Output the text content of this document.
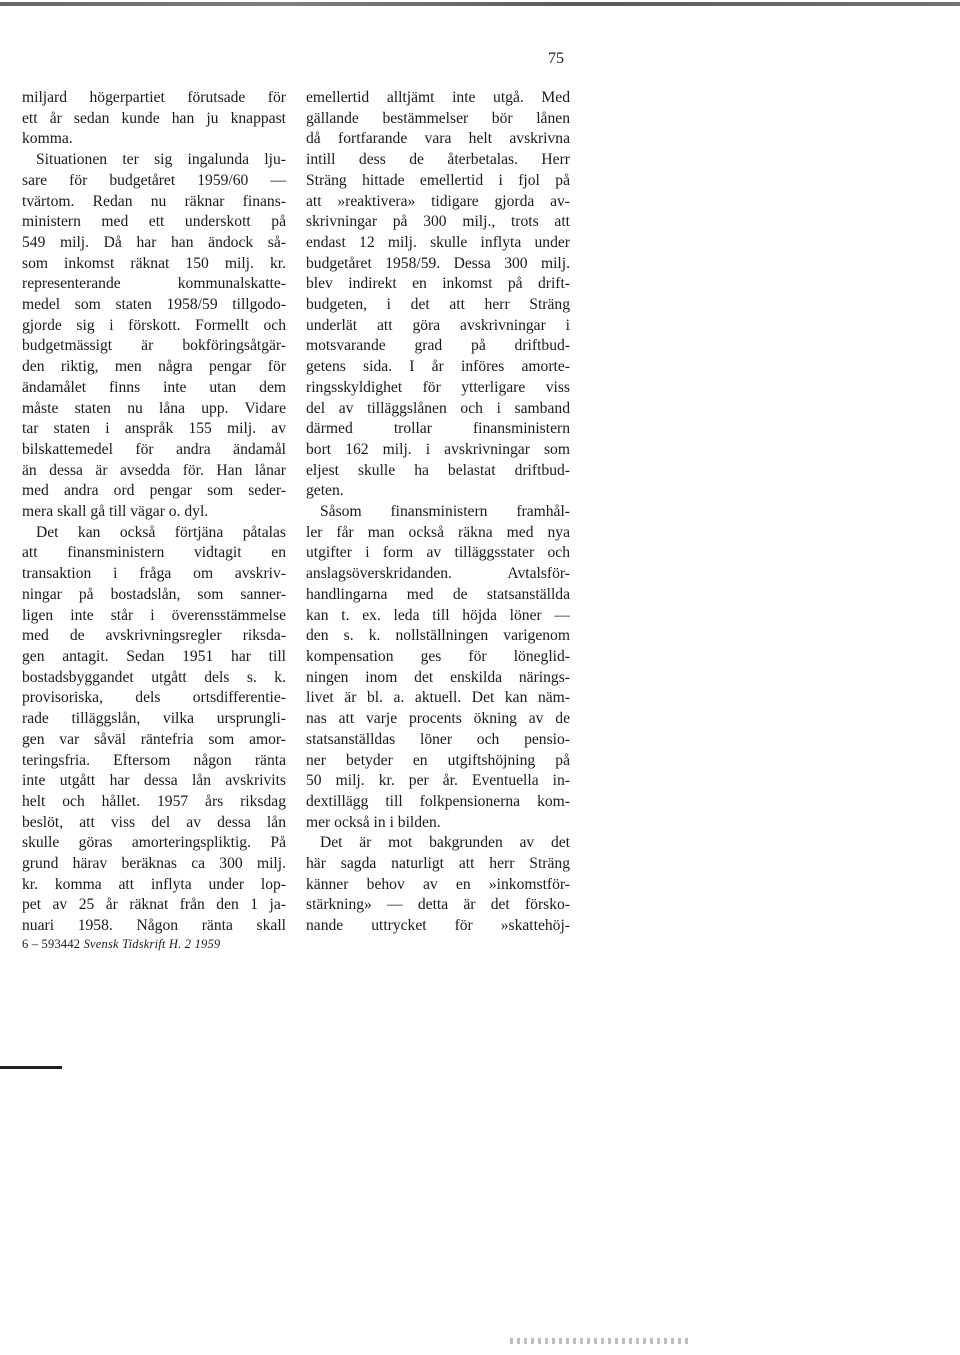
75
miljard högerpartiet förutsade för
ett år sedan kunde han ju knappast
komma.
Situationen ter sig ingalunda lju-
sare för budgetåret 1959/60 —
tvärtom. Redan nu räknar finans-
ministern med ett underskott på
549 milj. Då har han ändock så-
som inkomst räknat 150 milj. kr.
representerande kommunalskatte-
medel som staten 1958/59 tillgodo-
gjorde sig i förskott. Formellt och
budgetmässigt är bokföringsåtgär-
den riktig, men några pengar för
ändamålet finns inte utan dem
måste staten nu låna upp. Vidare
tar staten i anspråk 155 milj. av
bilskattemedel för andra ändamål
än dessa är avsedda för. Han lånar
med andra ord pengar som seder-
mera skall gå till vägar o. dyl.
Det kan också förtjäna påtalas
att finansministern vidtagit en
transaktion i fråga om avskriv-
ningar på bostadslån, som sanner-
ligen inte står i överensstämmelse
med de avskrivningsregler riksda-
gen antagit. Sedan 1951 har till
bostadsbyggandet utgått dels s. k.
provisoriska, dels ortsdifferentie-
rade tilläggslån, vilka ursprungli-
gen var såväl räntefria som amor-
teringsfria. Eftersom någon ränta
inte utgått har dessa lån avskrivits
helt och hållet. 1957 års riksdag
beslöt, att viss del av dessa lån
skulle göras amorteringspliktig. På
grund härav beräknas ca 300 milj.
kr. komma att inflyta under lop-
pet av 25 år räknat från den 1 ja-
nuari 1958. Någon ränta skall
emellertid alltjämt inte utgå. Med
gällande bestämmelser bör lånen
då fortfarande vara helt avskrivna
intill dess de återbetalas. Herr
Sträng hittade emellertid i fjol på
att »reaktivera» tidigare gjorda av-
skrivningar på 300 milj., trots att
endast 12 milj. skulle inflyta under
budgetåret 1958/59. Dessa 300 milj.
blev indirekt en inkomst på drift-
budgeten, i det att herr Sträng
underlät att göra avskrivningar i
motsvarande grad på driftbud-
getens sida. I år införes amorte-
ringsskyldighet för ytterligare viss
del av tilläggslånen och i samband
därmed trollar finansministern
bort 162 milj. i avskrivningar som
eljest skulle ha belastat driftbud-
geten.
Såsom finansministern framhål-
ler får man också räkna med nya
utgifter i form av tilläggsstater och
anslagsöverskridanden. Avtalsför-
handlingarna med de statsanställda
kan t. ex. leda till höjda löner —
den s. k. nollställningen varigenom
kompensation ges för löneglid-
ningen inom det enskilda närings-
livet är bl. a. aktuell. Det kan näm-
nas att varje procents ökning av de
statsanställdas löner och pensio-
ner betyder en utgiftshöjning på
50 milj. kr. per år. Eventuella in-
dextillägg till folkpensionerna kom-
mer också in i bilden.
Det är mot bakgrunden av det
här sagda naturligt att herr Sträng
känner behov av en »inkomstför-
stärkning» — detta är det försko-
nande uttrycket för »skattehöj-
6 – 593442 Svensk Tidskrift H. 2 1959
